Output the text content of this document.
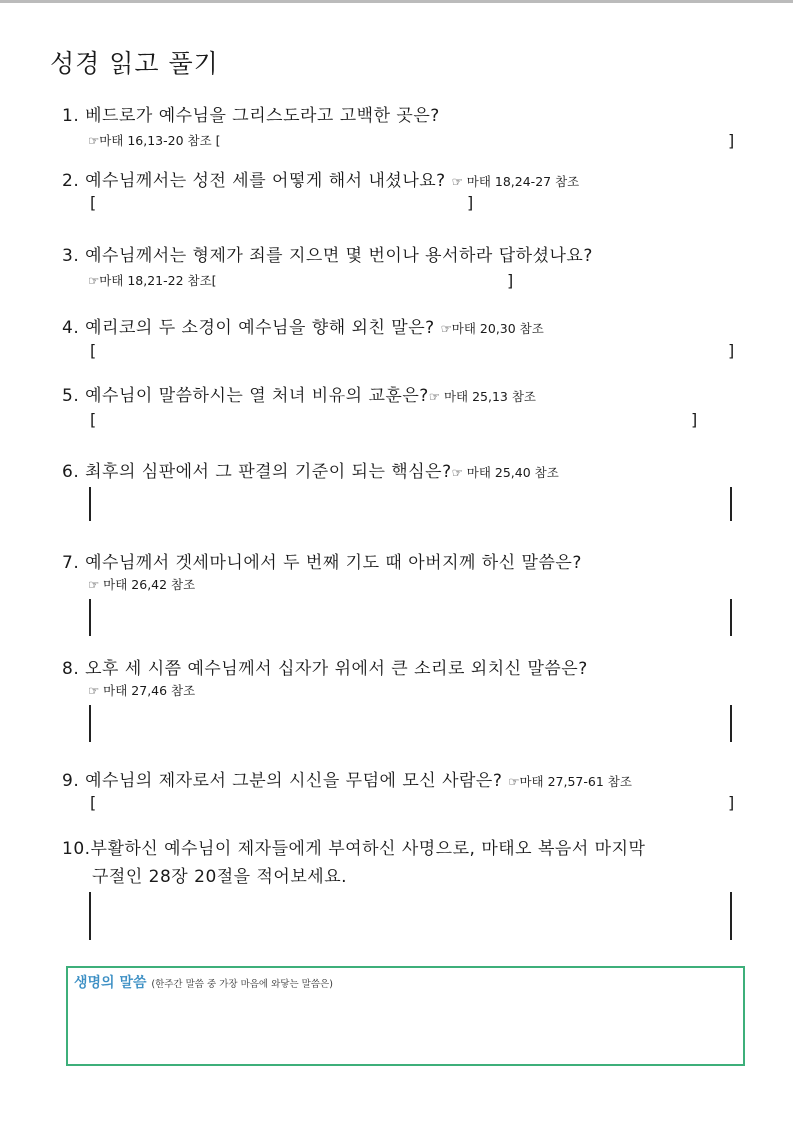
성경 읽고 풀기
1. 베드로가 예수님을 그리스도라고 고백한 곳은?
☞마태 16,13-20 참조 [	]
2. 예수님께서는 성전 세를 어떻게 해서 내셨나요? ☞ 마태 18,24-27 참조
[	]
3. 예수님께서는 형제가 죄를 지으면 몇 번이나 용서하라 답하셨나요?
☞마태 18,21-22 참조[	]
4. 예리코의 두 소경이 예수님을 향해 외친 말은? ☞마태 20,30 참조
[	]
5. 예수님이 말씀하시는 열 처녀 비유의 교훈은?☞ 마태 25,13 참조
[	]
6. 최후의 심판에서 그 판결의 기준이 되는 핵심은?☞ 마태 25,40 참조
7. 예수님께서 겟세마니에서 두 번째 기도 때 아버지께 하신 말씀은?
☞ 마태 26,42 참조
8. 오후 세 시쯤 예수님께서 십자가 위에서 큰 소리로 외치신 말씀은?
☞ 마태 27,46 참조
9. 예수님의 제자로서 그분의 시신을 무덤에 모신 사람은? ☞마태 27,57-61 참조
[	]
10.부활하신 예수님이 제자들에게 부여하신 사명으로, 마태오 복음서 마지막
구절인 28장 20절을 적어보세요.
생명의 말씀 (한주간 말씀 중 가장 마음에 와닿는 말씀은)
